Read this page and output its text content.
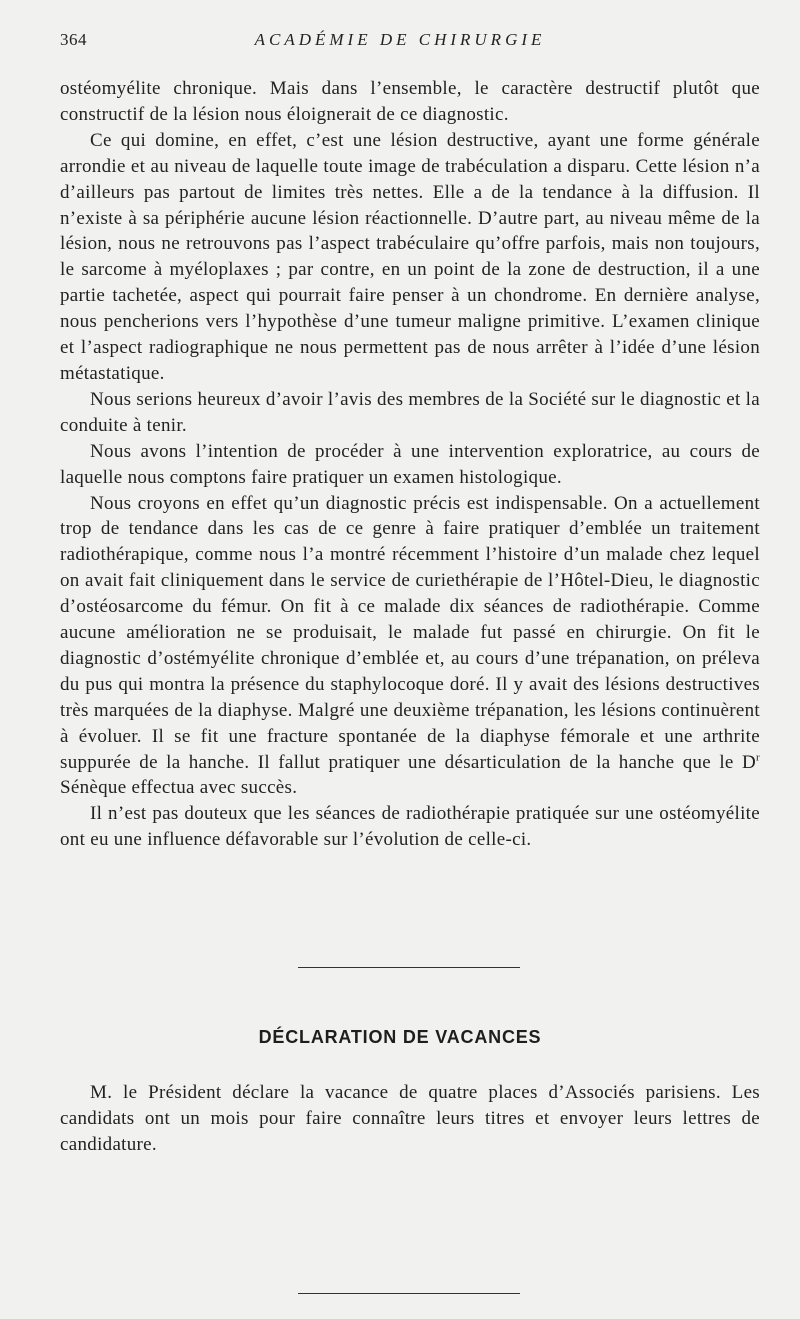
364	ACADÉMIE DE CHIRURGIE

ostéomyélite chronique. Mais dans l’ensemble, le caractère destructif plutôt que constructif de la lésion nous éloignerait de ce diagnostic.

Ce qui domine, en effet, c’est une lésion destructive, ayant une forme générale arrondie et au niveau de laquelle toute image de trabéculation a disparu. Cette lésion n’a d’ailleurs pas partout de limites très nettes. Elle a de la tendance à la diffusion. Il n’existe à sa périphérie aucune lésion réactionnelle. D’autre part, au niveau même de la lésion, nous ne retrouvons pas l’aspect trabéculaire qu’offre parfois, mais non toujours, le sarcome à myéloplaxes ; par contre, en un point de la zone de destruction, il a une partie tachetée, aspect qui pourrait faire penser à un chondrome. En dernière analyse, nous pencherions vers l’hypothèse d’une tumeur maligne primitive. L’examen clinique et l’aspect radiographique ne nous permettent pas de nous arrêter à l’idée d’une lésion métastatique.

Nous serions heureux d’avoir l’avis des membres de la Société sur le diagnostic et la conduite à tenir.

Nous avons l’intention de procéder à une intervention exploratrice, au cours de laquelle nous comptons faire pratiquer un examen histologique.

Nous croyons en effet qu’un diagnostic précis est indispensable. On a actuellement trop de tendance dans les cas de ce genre à faire pratiquer d’emblée un traitement radiothérapique, comme nous l’a montré récemment l’histoire d’un malade chez lequel on avait fait cliniquement dans le service de curiethérapie de l’Hôtel-Dieu, le diagnostic d’ostéosarcome du fémur. On fit à ce malade dix séances de radiothérapie. Comme aucune amélioration ne se produisait, le malade fut passé en chirurgie. On fit le diagnostic d’ostémyélite chronique d’emblée et, au cours d’une trépanation, on préleva du pus qui montra la présence du staphylocoque doré. Il y avait des lésions destructives très marquées de la diaphyse. Malgré une deuxième trépanation, les lésions continuèrent à évoluer. Il se fit une fracture spontanée de la diaphyse fémorale et une arthrite suppurée de la hanche. Il fallut pratiquer une désarticulation de la hanche que le $D^r$ Sénèque effectua avec succès.

Il n’est pas douteux que les séances de radiothérapie pratiquée sur une ostéomyélite ont eu une influence défavorable sur l’évolution de celle-ci.

DÉCLARATION DE VACANCES

M. le Président déclare la vacance de quatre places d’Associés parisiens. Les candidats ont un mois pour faire connaître leurs titres et envoyer leurs lettres de candidature.
